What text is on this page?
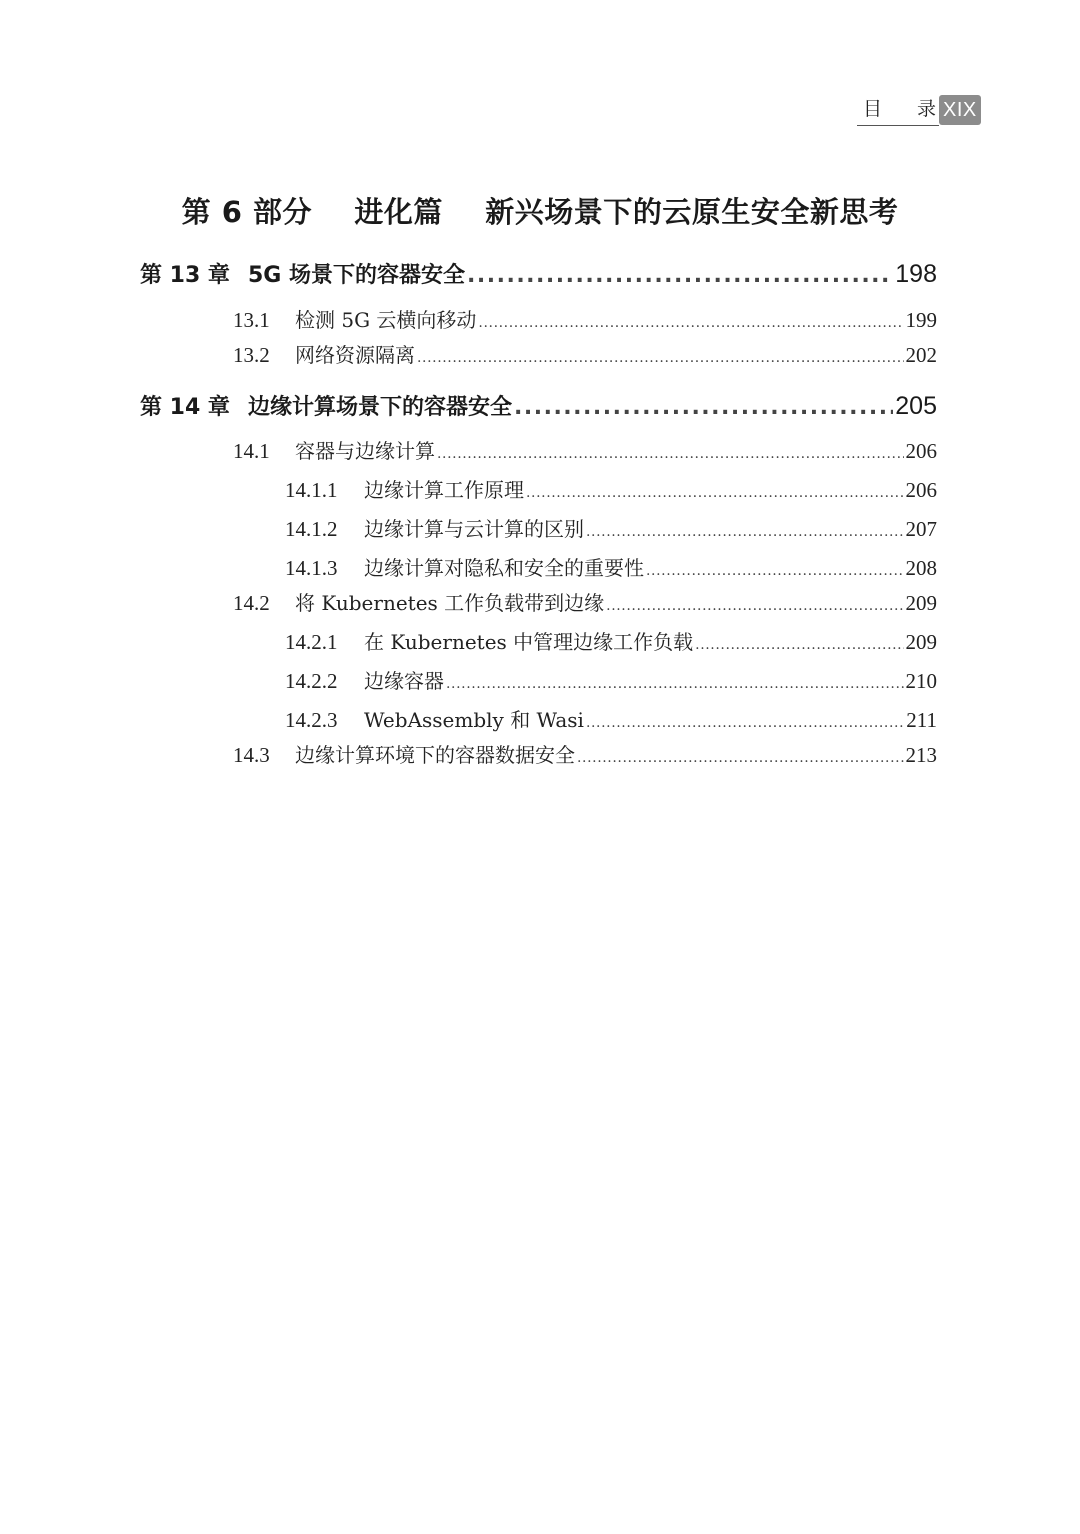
目 录 XIX
第 6 部分    进化篇    新兴场景下的云原生安全新思考
第 13 章 5G 场景下的容器安全 .....	198
13.1	检测 5G 云横向移动 .....	199
13.2	网络资源隔离 .....	202
第 14 章 边缘计算场景下的容器安全 .....	205
14.1	容器与边缘计算 .....	206
14.1.1	边缘计算工作原理 .....	206
14.1.2	边缘计算与云计算的区别 .....	207
14.1.3	边缘计算对隐私和安全的重要性 .....	208
14.2	将 Kubernetes 工作负载带到边缘 .....	209
14.2.1	在 Kubernetes 中管理边缘工作负载 .....	209
14.2.2	边缘容器 .....	210
14.2.3	WebAssembly 和 Wasi .....	211
14.3	边缘计算环境下的容器数据安全 .....	213
